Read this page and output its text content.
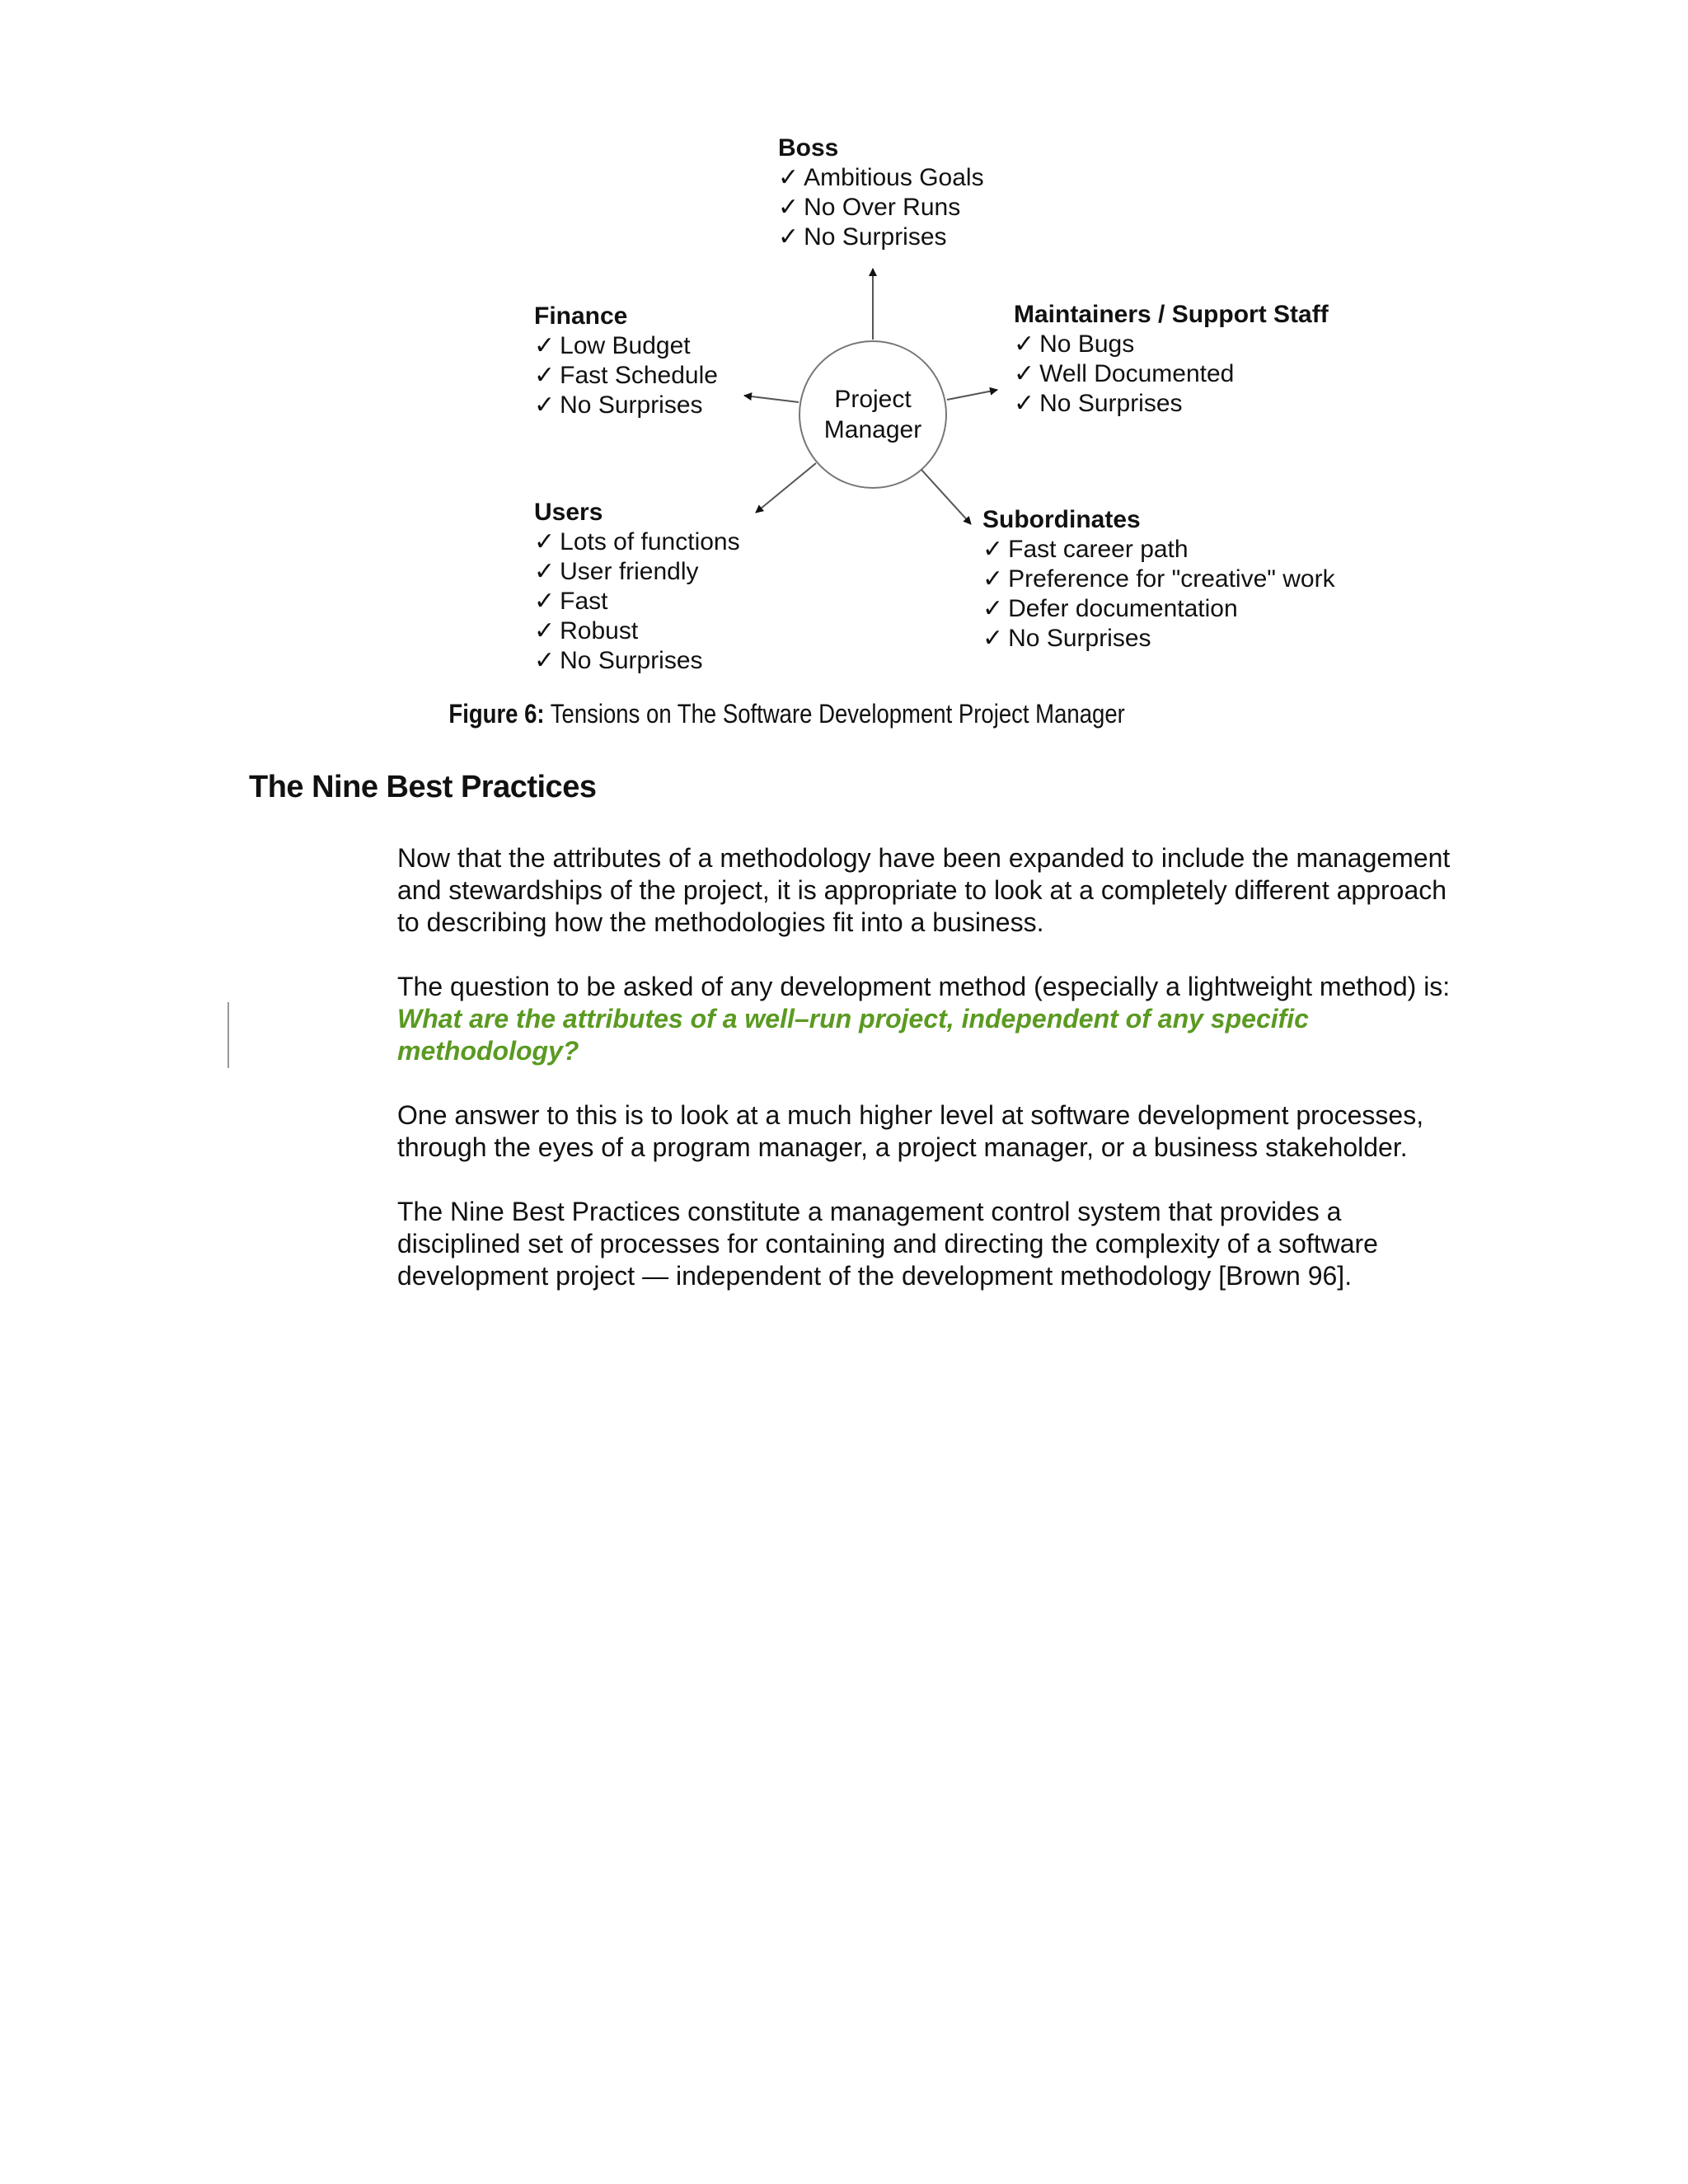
Project
Manager
Boss
✓ Ambitious Goals
✓ No Over Runs
✓ No Surprises
Finance
✓ Low Budget
✓ Fast Schedule
✓ No Surprises
Maintainers / Support Staff
✓ No Bugs
✓ Well Documented
✓ No Surprises
Users
✓ Lots of functions
✓ User friendly
✓ Fast
✓ Robust
✓ No Surprises
Subordinates
✓ Fast career path
✓ Preference for "creative" work
✓ Defer documentation
✓ No Surprises
Figure 6: Tensions on The Software Development Project Manager
The Nine Best Practices

Now that the attributes of a methodology have been expanded to include the management and stewardships of the project, it is appropriate to look at a completely different approach to describing how the methodologies fit into a business.

The question to be asked of any development method (especially a lightweight method) is:
What are the attributes of a well–run project, independent of any specific methodology?

One answer to this is to look at a much higher level at software development processes, through the eyes of a program manager, a project manager, or a business stakeholder.

The Nine Best Practices constitute a management control system that provides a disciplined set of processes for containing and directing the complexity of a software development project — independent of the development methodology [Brown 96].
